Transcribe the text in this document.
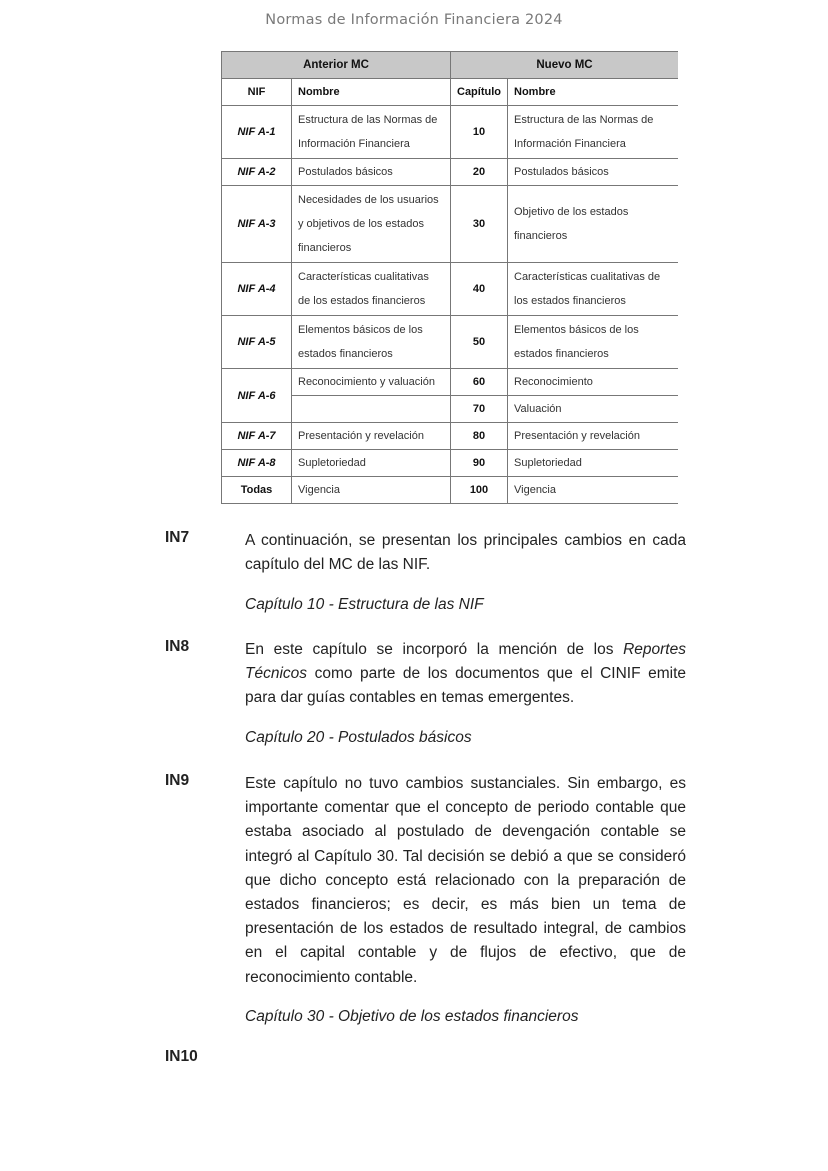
Normas de Información Financiera 2024
Anterior MC		Nuevo MC	
NIF	Nombre	Capítulo	Nombre
NIF A-1	Estructura de las Normas de Información Financiera	10	Estructura de las Normas de Información Financiera
NIF A-2	Postulados básicos	20	Postulados básicos
NIF A-3	Necesidades de los usuarios y objetivos de los estados financieros	30	Objetivo de los estados financieros
NIF A-4	Características cualitativas de los estados financieros	40	Características cualitativas de los estados financieros
NIF A-5	Elementos básicos de los estados financieros	50	Elementos básicos de los estados financieros
NIF A-6	Reconocimiento y valuación	60	Reconocimiento
		70	Valuación
NIF A-7	Presentación y revelación	80	Presentación y revelación
NIF A-8	Supletoriedad	90	Supletoriedad
Todas	Vigencia	100	Vigencia
IN7	A continuación, se presentan los principales cambios en cada capítulo del MC de las NIF.
Capítulo 10 - Estructura de las NIF
IN8	En este capítulo se incorporó la mención de los Reportes Técnicos como parte de los documentos que el CINIF emite para dar guías contables en temas emergentes.
Capítulo 20 - Postulados básicos
IN9	Este capítulo no tuvo cambios sustanciales. Sin embargo, es importante comentar que el concepto de periodo contable que estaba asociado al postulado de devengación contable se integró al Capítulo 30. Tal decisión se debió a que se consideró que dicho concepto está relacionado con la preparación de estados financieros; es decir, es más bien un tema de presentación de los estados de resultado integral, de cambios en el capital contable y de flujos de efectivo, que de reconocimiento contable.
Capítulo 30 - Objetivo de los estados financieros
IN10
